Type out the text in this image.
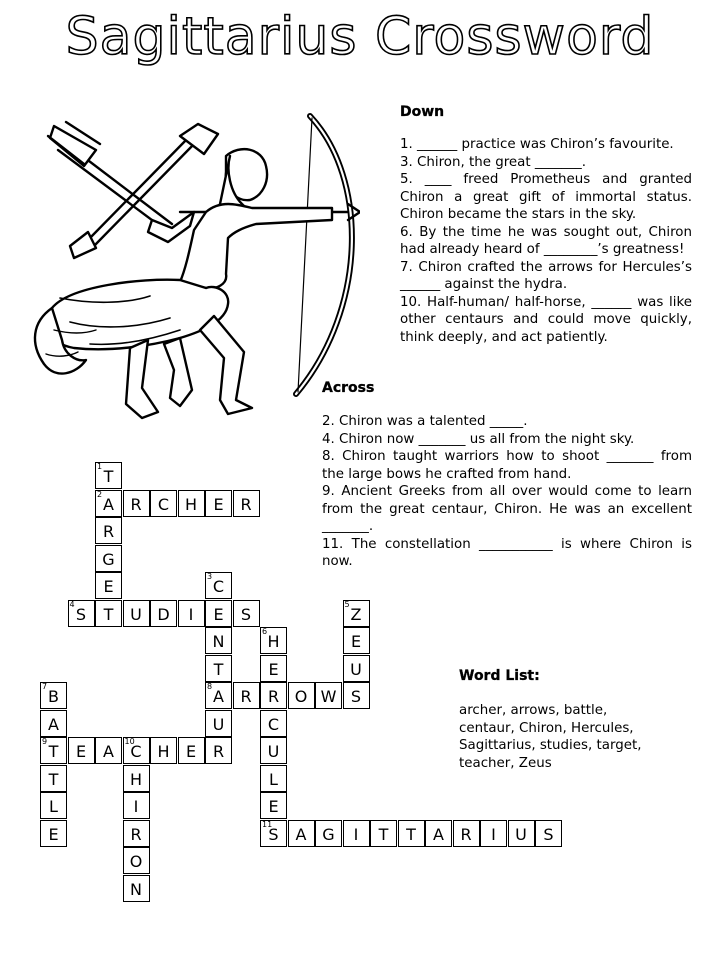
Sagittarius Crossword
Down
1. ______ practice was Chiron’s favourite.
3. Chiron, the great _______.
5. ____ freed Prometheus and granted Chiron a great gift of immortal status. Chiron became the stars in the sky.
6. By the time he was sought out, Chiron had already heard of ________’s greatness!
7. Chiron crafted the arrows for Hercules’s ______ against the hydra.
10. Half-human/ half-horse, ______ was like other centaurs and could move quickly, think deeply, and act patiently.
Across
2. Chiron was a talented _____.
4. Chiron now _______ us all from the night sky.
8. Chiron taught warriors how to shoot _______ from the large bows he crafted from hand.
9. Ancient Greeks from all over would come to learn from the great centaur, Chiron. He was an excellent _______.
11. The constellation ___________ is where Chiron is now.
Word List:

archer, arrows, battle, centaur, Chiron, Hercules, Sagittarius, studies, target, teacher, Zeus

1
T
2
A
R
G
E
T
R	C H	E	R
3
C
E
N
T
8
A
U
R
4
S	U D	I	S
5
Z
E
U
S
6
H
E
R
C
U
L
E
11
S
7
B
A
9
T
T
L
E
R	O W
E	A
10
C H	E
H
I
R
O
N
A G	I	T	T	A	R	I	U	S
